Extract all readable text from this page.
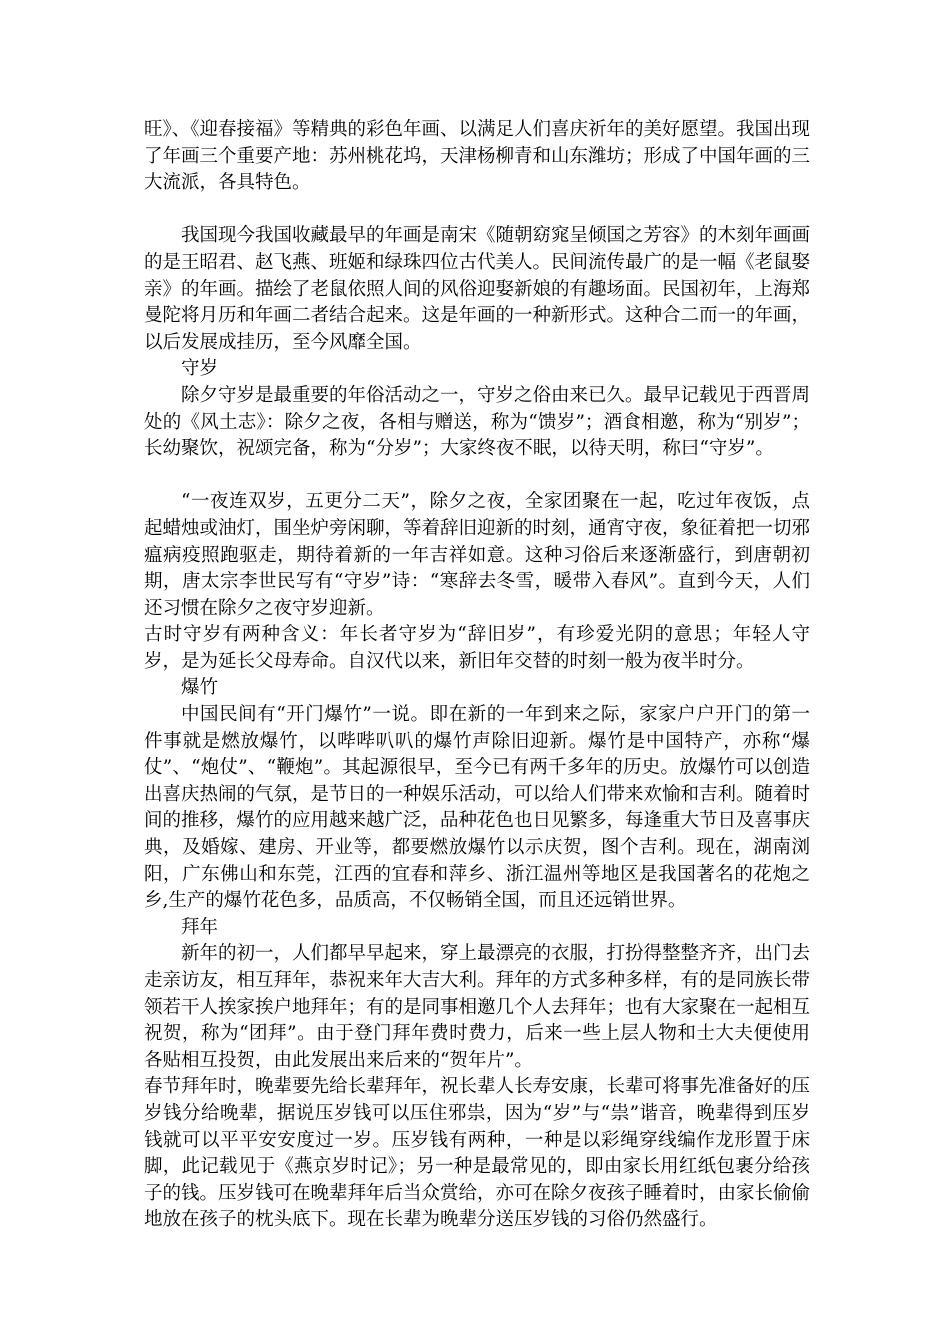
旺》、《迎春接福》等精典的彩色年画、以满足人们喜庆祈年的美好愿望。我国出现了年画三个重要产地：苏州桃花坞，天津杨柳青和山东潍坊；形成了中国年画的三大流派，各具特色。

我国现今我国收藏最早的年画是南宋《随朝窈窕呈倾国之芳容》的木刻年画画的是王昭君、赵飞燕、班姬和绿珠四位古代美人。民间流传最广的是一幅《老鼠娶亲》的年画。描绘了老鼠依照人间的风俗迎娶新娘的有趣场面。民国初年，上海郑曼陀将月历和年画二者结合起来。这是年画的一种新形式。这种合二而一的年画，以后发展成挂历，至今风靡全国。

守岁

除夕守岁是最重要的年俗活动之一，守岁之俗由来已久。最早记载见于西晋周处的《风土志》：除夕之夜，各相与赠送，称为“馈岁”；酒食相邀，称为“别岁”；长幼聚饮，祝颂完备，称为“分岁”；大家终夜不眠，以待天明，称曰“守岁”。

“一夜连双岁，五更分二天”，除夕之夜，全家团聚在一起，吃过年夜饭，点起蜡烛或油灯，围坐炉旁闲聊，等着辞旧迎新的时刻，通宵守夜，象征着把一切邪瘟病疫照跑驱走，期待着新的一年吉祥如意。这种习俗后来逐渐盛行，到唐朝初期，唐太宗李世民写有“守岁”诗：“寒辞去冬雪，暖带入春风”。直到今天，人们还习惯在除夕之夜守岁迎新。

古时守岁有两种含义：年长者守岁为“辞旧岁”，有珍爱光阴的意思；年轻人守岁，是为延长父母寿命。自汉代以来，新旧年交替的时刻一般为夜半时分。

爆竹

中国民间有“开门爆竹”一说。即在新的一年到来之际，家家户户开门的第一件事就是燃放爆竹，以哔哔叭叭的爆竹声除旧迎新。爆竹是中国特产，亦称“爆仗”、“炮仗”、“鞭炮”。其起源很早，至今已有两千多年的历史。放爆竹可以创造出喜庆热闹的气氛，是节日的一种娱乐活动，可以给人们带来欢愉和吉利。随着时间的推移，爆竹的应用越来越广泛，品种花色也日见繁多，每逢重大节日及喜事庆典，及婚嫁、建房、开业等，都要燃放爆竹以示庆贺，图个吉利。现在，湖南浏阳，广东佛山和东莞，江西的宜春和萍乡、浙江温州等地区是我国著名的花炮之乡,生产的爆竹花色多，品质高，不仅畅销全国，而且还远销世界。

拜年

新年的初一，人们都早早起来，穿上最漂亮的衣服，打扮得整整齐齐，出门去走亲访友，相互拜年，恭祝来年大吉大利。拜年的方式多种多样，有的是同族长带领若干人挨家挨户地拜年；有的是同事相邀几个人去拜年；也有大家聚在一起相互祝贺，称为“团拜”。由于登门拜年费时费力，后来一些上层人物和士大夫便使用各贴相互投贺，由此发展出来后来的“贺年片”。

春节拜年时，晚辈要先给长辈拜年，祝长辈人长寿安康，长辈可将事先准备好的压岁钱分给晚辈，据说压岁钱可以压住邪祟，因为“岁”与“祟”谐音，晚辈得到压岁钱就可以平平安安度过一岁。压岁钱有两种，一种是以彩绳穿线编作龙形置于床脚，此记载见于《燕京岁时记》；另一种是最常见的，即由家长用红纸包裹分给孩子的钱。压岁钱可在晚辈拜年后当众赏给，亦可在除夕夜孩子睡着时，由家长偷偷地放在孩子的枕头底下。现在长辈为晚辈分送压岁钱的习俗仍然盛行。
